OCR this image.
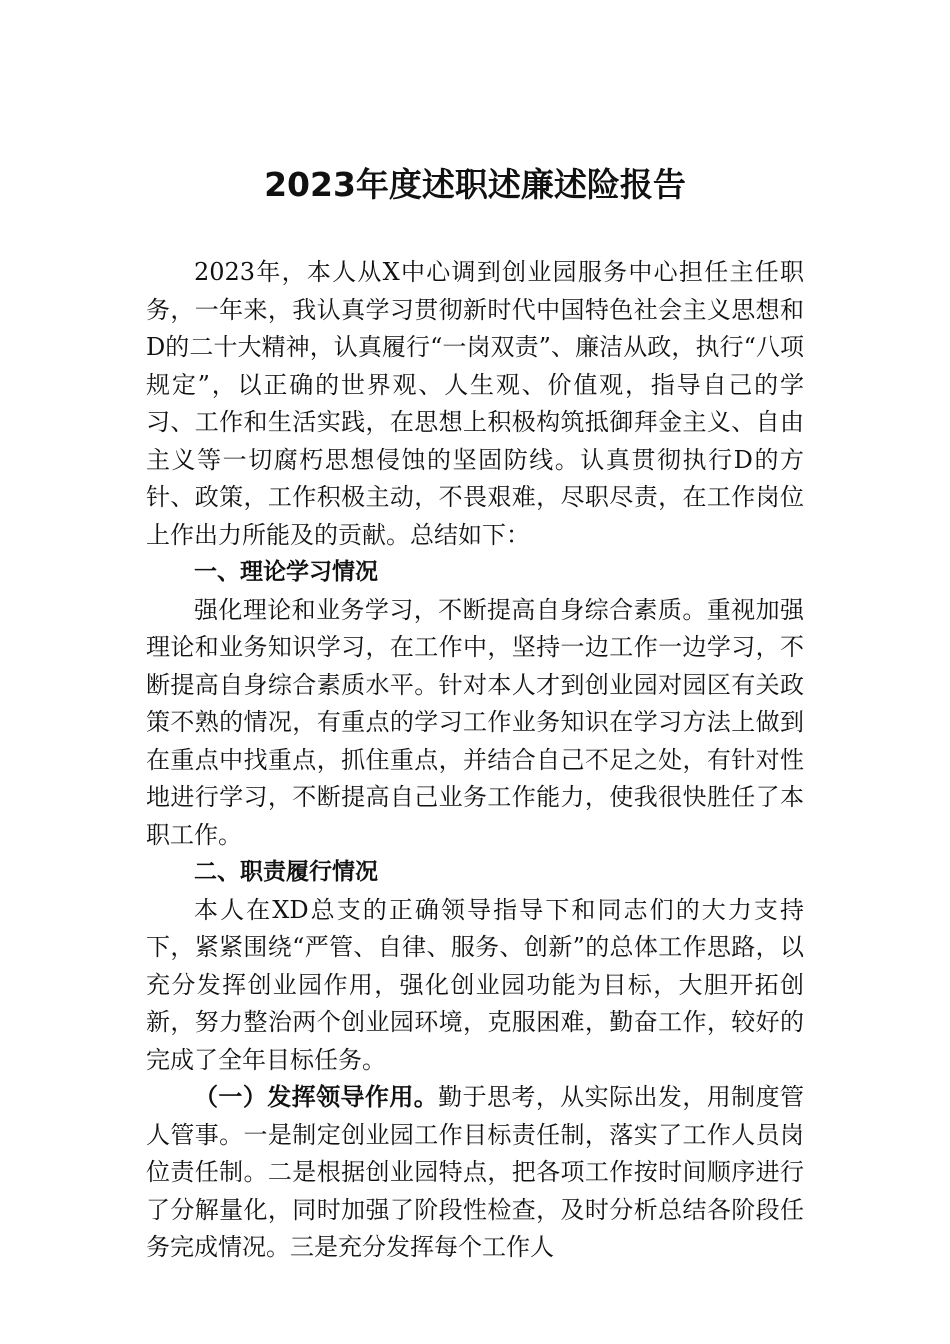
2023年度述职述廉述险报告

2023年，本人从X中心调到创业园服务中心担任主任职务，一年来，我认真学习贯彻新时代中国特色社会主义思想和D的二十大精神，认真履行“一岗双责”、廉洁从政，执行“八项规定”，以正确的世界观、人生观、价值观，指导自己的学习、工作和生活实践，在思想上积极构筑抵御拜金主义、自由主义等一切腐朽思想侵蚀的坚固防线。认真贯彻执行D的方针、政策，工作积极主动，不畏艰难，尽职尽责，在工作岗位上作出力所能及的贡献。总结如下：

一、理论学习情况

强化理论和业务学习，不断提高自身综合素质。重视加强理论和业务知识学习，在工作中，坚持一边工作一边学习，不断提高自身综合素质水平。针对本人才到创业园对园区有关政策不熟的情况，有重点的学习工作业务知识在学习方法上做到在重点中找重点，抓住重点，并结合自己不足之处，有针对性地进行学习，不断提高自己业务工作能力，使我很快胜任了本职工作。

二、职责履行情况

本人在XD总支的正确领导指导下和同志们的大力支持下，紧紧围绕“严管、自律、服务、创新”的总体工作思路，以充分发挥创业园作用，强化创业园功能为目标，大胆开拓创新，努力整治两个创业园环境，克服困难，勤奋工作，较好的完成了全年目标任务。

（一）发挥领导作用。勤于思考，从实际出发，用制度管人管事。一是制定创业园工作目标责任制，落实了工作人员岗位责任制。二是根据创业园特点，把各项工作按时间顺序进行了分解量化，同时加强了阶段性检查，及时分析总结各阶段任务完成情况。三是充分发挥每个工作人
